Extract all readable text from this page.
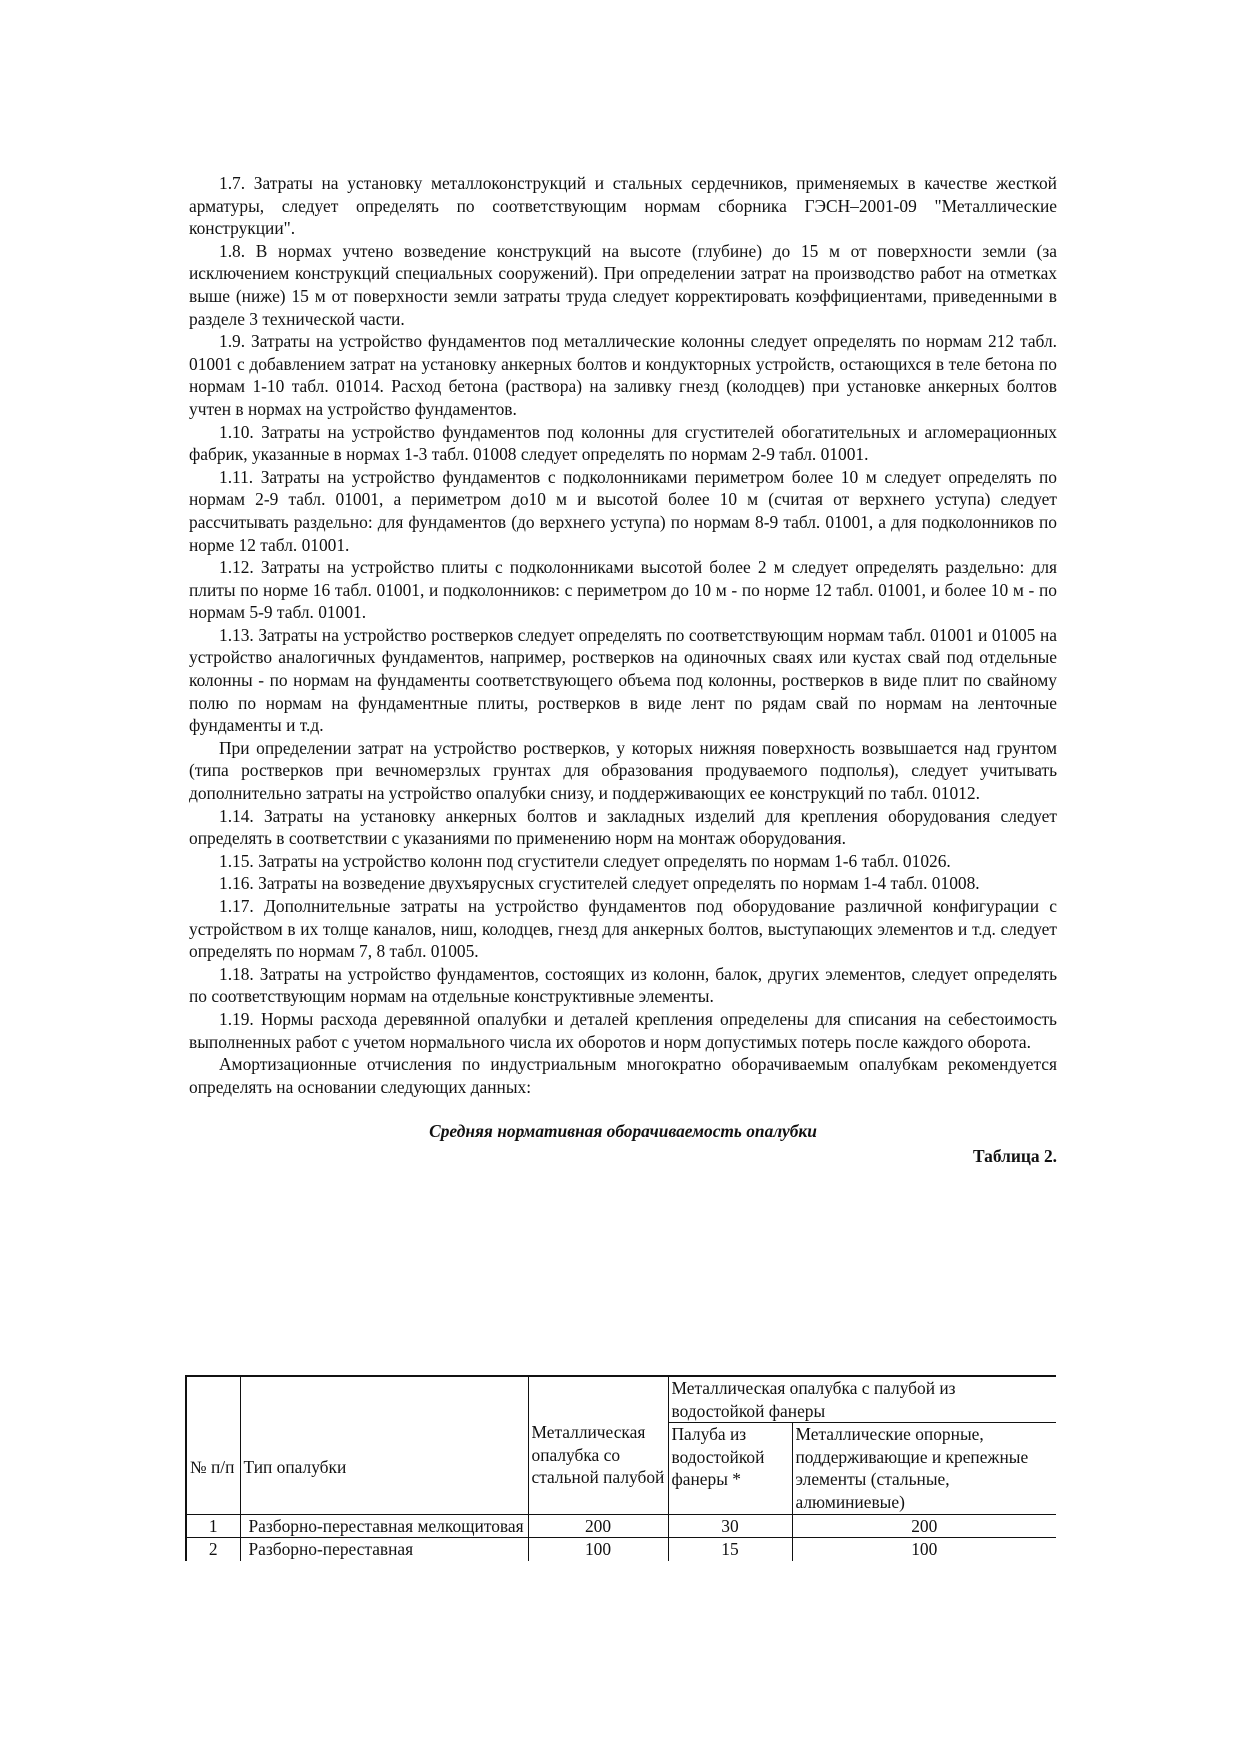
1.7. Затраты на установку металлоконструкций и стальных сердечников, применяемых в качестве жесткой арматуры, следует определять по соответствующим нормам сборника ГЭСН–2001-09 "Металлические конструкции".

1.8. В нормах учтено возведение конструкций на высоте (глубине) до 15 м от поверхности земли (за исключением конструкций специальных сооружений). При определении затрат на производство работ на отметках выше (ниже) 15 м от поверхности земли затраты труда следует корректировать коэффициентами, приведенными в разделе 3 технической части.

1.9. Затраты на устройство фундаментов под металлические колонны следует определять по нормам 212 табл. 01001 с добавлением затрат на установку анкерных болтов и кондукторных устройств, остающихся в теле бетона по нормам 1-10 табл. 01014. Расход бетона (раствора) на заливку гнезд (колодцев) при установке анкерных болтов учтен в нормах на устройство фундаментов.

1.10. Затраты на устройство фундаментов под колонны для сгустителей обогатительных и агломерационных фабрик, указанные в нормах 1-3 табл. 01008 следует определять по нормам 2-9 табл. 01001.

1.11. Затраты на устройство фундаментов с подколонниками периметром более 10 м следует определять по нормам 2-9 табл. 01001, а периметром до10 м и высотой более 10 м (считая от верхнего уступа) следует рассчитывать раздельно: для фундаментов (до верхнего уступа) по нормам 8-9 табл. 01001, а для подколонников по норме 12 табл. 01001.

1.12. Затраты на устройство плиты с подколонниками высотой более 2 м следует определять раздельно: для плиты по норме 16 табл. 01001, и подколонников: с периметром до 10 м - по норме 12 табл. 01001, и более 10 м - по нормам 5-9 табл. 01001.

1.13. Затраты на устройство ростверков следует определять по соответствующим нормам табл. 01001 и 01005 на устройство аналогичных фундаментов, например, ростверков на одиночных сваях или кустах свай под отдельные колонны - по нормам на фундаменты соответствующего объема под колонны, ростверков в виде плит по свайному полю по нормам на фундаментные плиты, ростверков в виде лент по рядам свай по нормам на ленточные фундаменты и т.д.

При определении затрат на устройство ростверков, у которых нижняя поверхность возвышается над грунтом (типа ростверков при вечномерзлых грунтах для образования продуваемого подполья), следует учитывать дополнительно затраты на устройство опалубки снизу, и поддерживающих ее конструкций по табл. 01012.

1.14. Затраты на установку анкерных болтов и закладных изделий для крепления оборудования следует определять в соответствии с указаниями по применению норм на монтаж оборудования.

1.15. Затраты на устройство колонн под сгустители следует определять по нормам 1-6 табл. 01026.

1.16. Затраты на возведение двухъярусных сгустителей следует определять по нормам 1-4 табл. 01008.

1.17. Дополнительные затраты на устройство фундаментов под оборудование различной конфигурации с устройством в их толще каналов, ниш, колодцев, гнезд для анкерных болтов, выступающих элементов и т.д. следует определять по нормам 7, 8 табл. 01005.

1.18. Затраты на устройство фундаментов, состоящих из колонн, балок, других элементов, следует определять по соответствующим нормам на отдельные конструктивные элементы.

1.19. Нормы расхода деревянной опалубки и деталей крепления определены для списания на себестоимость выполненных работ с учетом нормального числа их оборотов и норм допустимых потерь после каждого оборота.

Амортизационные отчисления по индустриальным многократно оборачиваемым опалубкам рекомендуется определять на основании следующих данных:

Средняя нормативная оборачиваемость опалубки

Таблица 2.

№ п/п	Тип опалубки	Металлическая опалубка со стальной палубой	Металлическая опалубка с палубой из водостойкой фанеры	
			Палуба из водостойкой фанеры *	Металлические опорные, поддерживающие и крепежные элементы (стальные, алюминиевые)
1	Разборно-переставная мелкощитовая	200	30	200
2	Разборно-переставная	100	15	100
